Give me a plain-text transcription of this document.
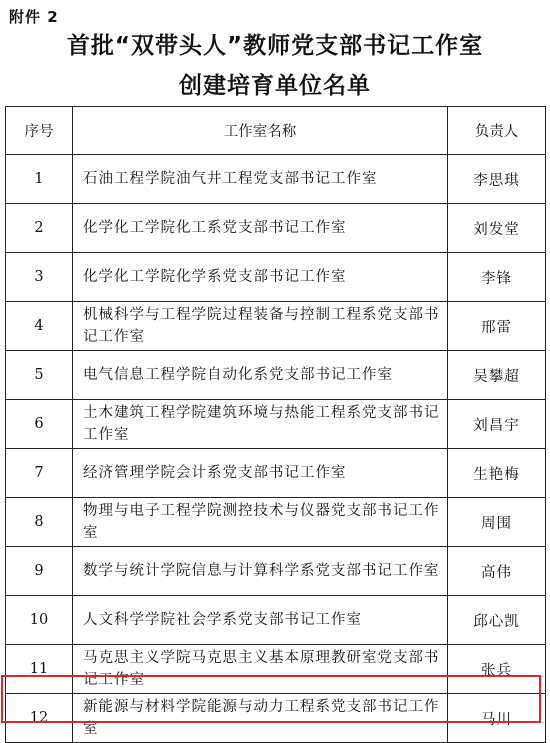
附件 2
首批“双带头人”教师党支部书记工作室
创建培育单位名单
序号	工作室名称	负责人
1	石油工程学院油气井工程党支部书记工作室	李思琪
2	化学化工学院化工系党支部书记工作室	刘发堂
3	化学化工学院化学系党支部书记工作室	李锋
4	机械科学与工程学院过程装备与控制工程系党支部书记工作室	邢雷
5	电气信息工程学院自动化系党支部书记工作室	吴攀超
6	土木建筑工程学院建筑环境与热能工程系党支部书记工作室	刘昌宇
7	经济管理学院会计系党支部书记工作室	生艳梅
8	物理与电子工程学院测控技术与仪器党支部书记工作室	周围
9	数学与统计学院信息与计算科学系党支部书记工作室	高伟
10	人文科学学院社会学系党支部书记工作室	邱心凯
11	马克思主义学院马克思主义基本原理教研室党支部书记工作室	张兵
12	新能源与材料学院能源与动力工程系党支部书记工作室	马川
